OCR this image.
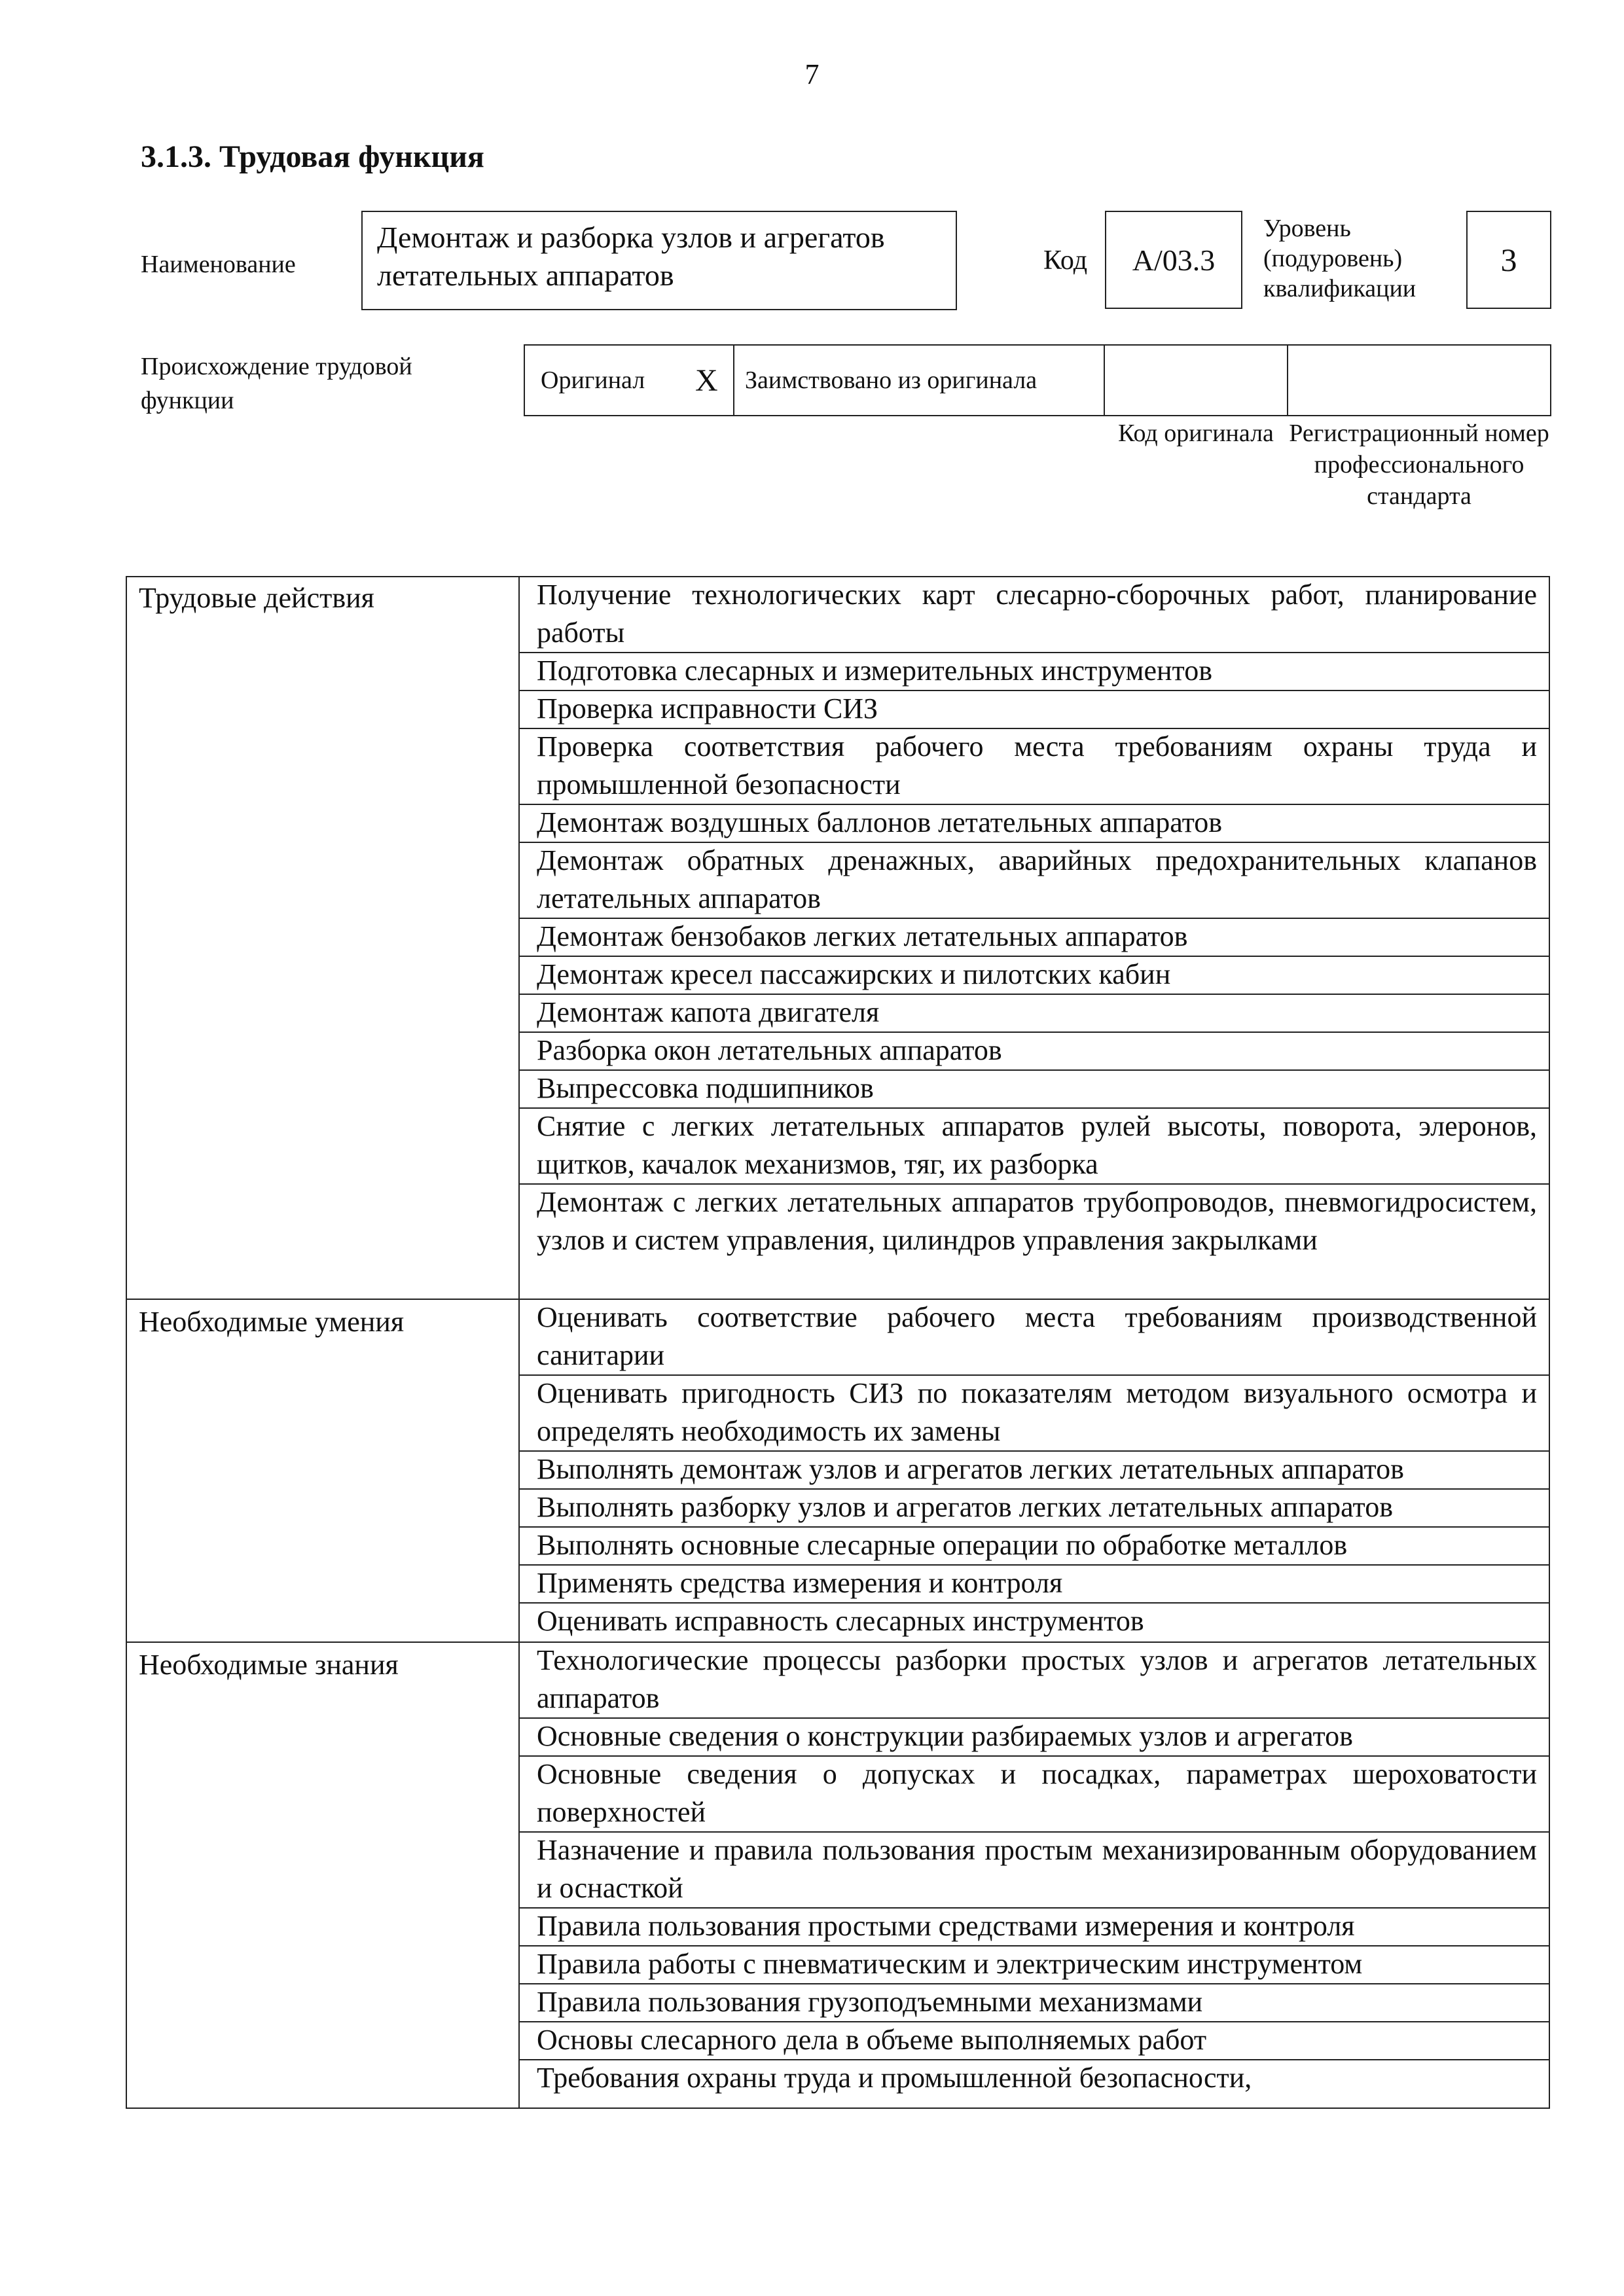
7
3.1.3. Трудовая функция
Наименование
Демонтаж и разборка узлов и агрегатов летательных аппаратов	Код А/03.3
Уровень (подуровень) квалификации
3
Происхождение трудовой функции
Оригинал X Заимствовано из оригинала
Код оригинала Регистрационный номер профессионального стандарта
Трудовые действия
Необходимые умения
Необходимые знания
Получение технологических карт слесарно-сборочных работ, планирование работы
Подготовка слесарных и измерительных инструментов
Проверка исправности СИЗ
Проверка соответствия рабочего места требованиям охраны труда и промышленной безопасности
Демонтаж воздушных баллонов летательных аппаратов
Демонтаж обратных дренажных, аварийных предохранительных клапанов летательных аппаратов
Демонтаж бензобаков легких летательных аппаратов
Демонтаж кресел пассажирских и пилотских кабин
Демонтаж капота двигателя
Разборка окон летательных аппаратов
Выпрессовка подшипников
Снятие с легких летательных аппаратов рулей высоты, поворота, элеронов, щитков, качалок механизмов, тяг, их разборка
Демонтаж с легких летательных аппаратов трубопроводов, пневмогидросистем, узлов и систем управления, цилиндров управления закрылками
Оценивать соответствие рабочего места требованиям производственной санитарии
Оценивать пригодность СИЗ по показателям методом визуального осмотра и определять необходимость их замены
Выполнять демонтаж узлов и агрегатов легких летательных аппаратов
Выполнять разборку узлов и агрегатов легких летательных аппаратов
Выполнять основные слесарные операции по обработке металлов
Применять средства измерения и контроля
Оценивать исправность слесарных инструментов
Технологические процессы разборки простых узлов и агрегатов летательных аппаратов
Основные сведения о конструкции разбираемых узлов и агрегатов
Основные сведения о допусках и посадках, параметрах шероховатости поверхностей
Назначение и правила пользования простым механизированным оборудованием и оснасткой
Правила пользования простыми средствами измерения и контроля
Правила работы с пневматическим и электрическим инструментом
Правила пользования грузоподъемными механизмами
Основы слесарного дела в объеме выполняемых работ
Требования охраны труда и промышленной безопасности,
